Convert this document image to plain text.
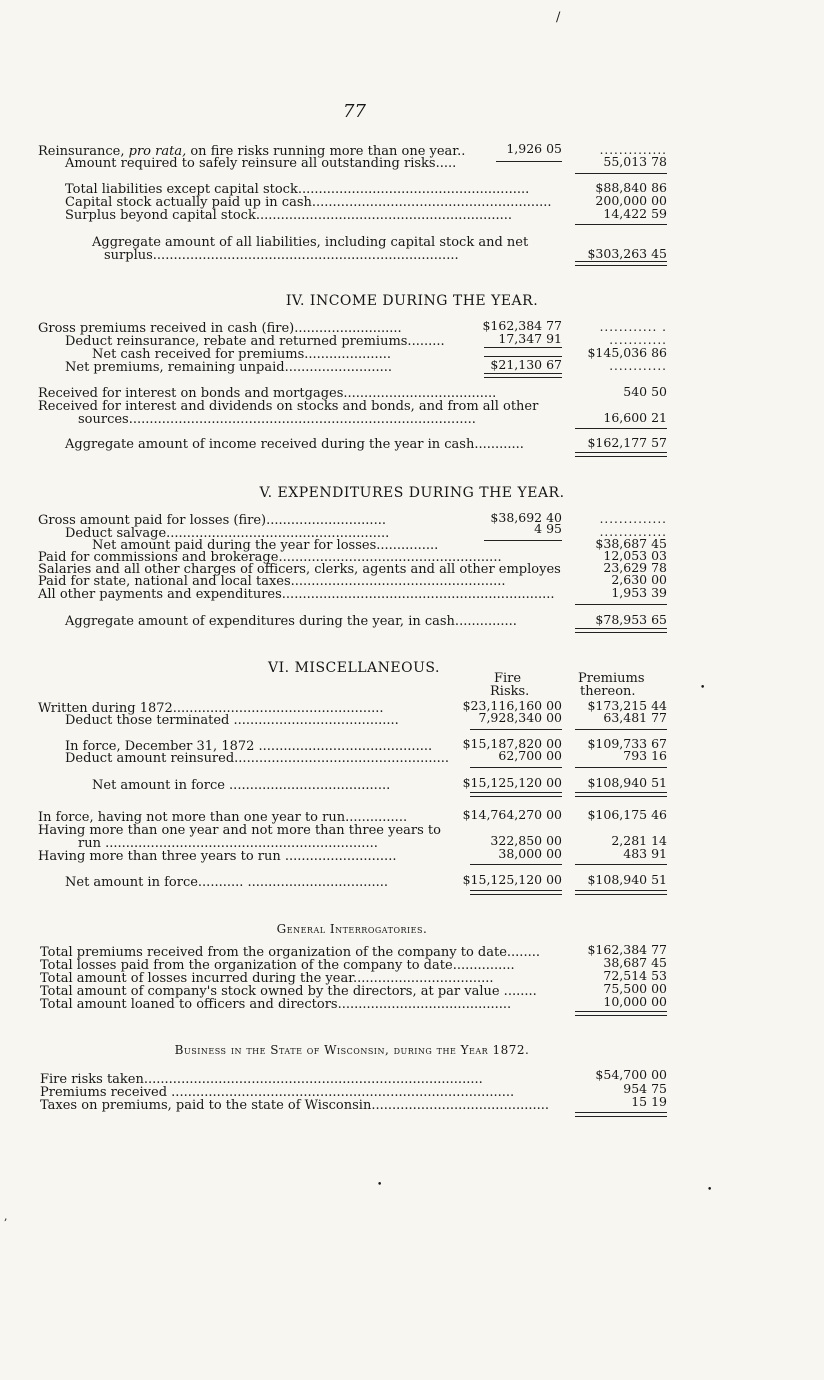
/
77
Reinsurance, pro rata, on fire risks running more than one year..	1,926 05	..............
Amount required to safely reinsure all outstanding risks.....	55,013 78
Total liabilities except capital stock........................................................	$88,840 86
Capital stock actually paid up in cash..........................................................	200,000 00
Surplus beyond capital stock..............................................................	14,422 59
Aggregate amount of all liabilities, including capital stock and net
surplus..........................................................................	$303,263 45
IV. INCOME DURING THE YEAR.
Gross premiums received in cash (fire)..........................	$162,384 77	............ .
Deduct reinsurance, rebate and returned premiums.........	17,347 91	............
Net cash received for premiums.....................	$145,036 86
Net premiums, remaining unpaid..........................	$21,130 67	............
Received for interest on bonds and mortgages.....................................	540 50
Received for interest and dividends on stocks and bonds, and from all other
sources....................................................................................	16,600 21
Aggregate amount of income received during the year in cash............	$162,177 57
V. EXPENDITURES DURING THE YEAR.
Gross amount paid for losses (fire).............................	$38,692 40	..............
Deduct salvage......................................................	4 95	..............
Net amount paid during the year for losses...............	$38,687 45
Paid for commissions and brokerage......................................................	12,053 03
Salaries and all other charges of officers, clerks, agents and all other employes	23,629 78
Paid for state, national and local taxes....................................................	2,630 00
All other payments and expenditures..................................................................	1,953 39
Aggregate amount of expenditures during the year, in cash...............	$78,953 65
VI. MISCELLANEOUS.
Fire
Risks.
Premiums
thereon.
Written during 1872...................................................	$23,116,160 00 $173,215 44
Deduct those terminated ........................................	7,928,340 00	63,481 77
In force, December 31, 1872 .......................................... $15,187,820 00 $109,733 67
Deduct amount reinsured....................................................	62,700 00	793 16
Net amount in force .......................................	$15,125,120 00 $108,940 51
In force, having not more than one year to run...............	$14,764,270 00 $106,175 46
Having more than one year and not more than three years to
run ..................................................................	322,850 00	2,281 14
Having more than three years to run ...........................	38,000 00	483 91
Net amount in force........... ..................................	$15,125,120 00 $108,940 51
General Interrogatories.
Total premiums received from the organization of the company to date........	$162,384 77
Total losses paid from the organization of the company to date...............	38,687 45
Total amount of losses incurred during the year..................................	72,514 53
Total amount of company's stock owned by the directors, at par value ........	75,500 00
Total amount loaned to officers and directors..........................................	10,000 00
Business in the State of Wisconsin, during the Year 1872.
Fire risks taken..................................................................................	$54,700 00
Premiums received ...................................................................................	954 75
Taxes on premiums, paid to the state of Wisconsin...........................................	15 19
•
•
•
,
